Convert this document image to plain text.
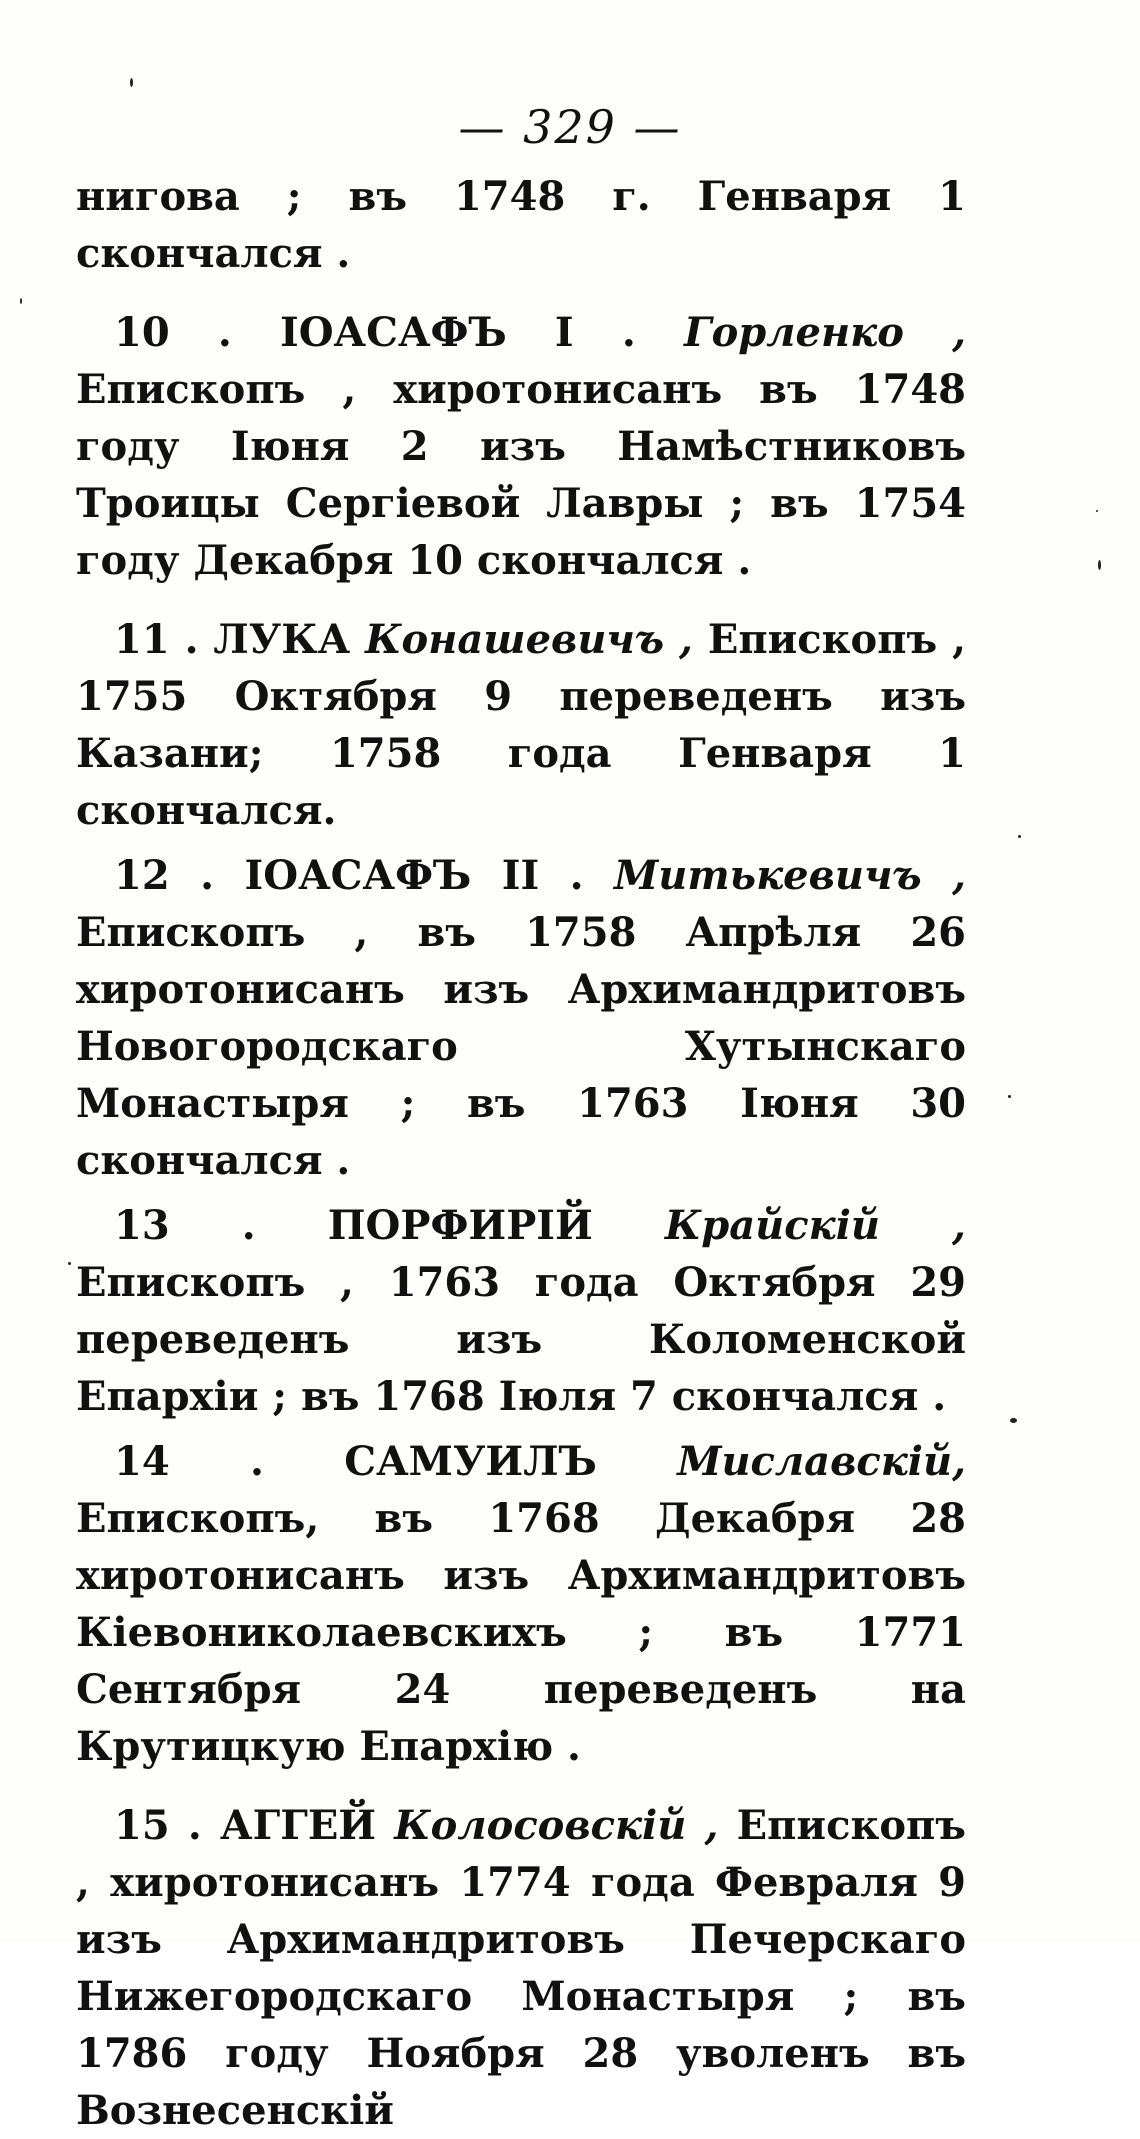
— 329 —

нигова ; въ 1748 г. Генваря 1 скончался .

10 . ІОАСАФЪ I . Горленко , Епископъ , хиротонисанъ въ 1748 году Іюня 2 изъ Намѣстниковъ Троицы Сергіевой Лавры ; въ 1754 году Декабря 10 скончался .

11 . ЛУКА Конашевичъ , Епископъ , 1755 Октября 9 переведенъ изъ Казани; 1758 года Генваря 1 скончался.

12 . ІОАСАФЪ II . Митькевичъ , Епископъ , въ 1758 Апрѣля 26 хиротонисанъ изъ Архимандритовъ Новогородскаго Хутынскаго Монастыря ; въ 1763 Іюня 30 скончался .

13 . ПОРФИРІЙ Крайскій , Епископъ , 1763 года Октября 29 переведенъ изъ Коломенской Епархіи ; въ 1768 Іюля 7 скончался .

14 . САМУИЛЪ Миславскій, Епископъ, въ 1768 Декабря 28 хиротонисанъ изъ Архимандритовъ Кіевониколаевскихъ ; въ 1771 Сентября 24 переведенъ на Крутицкую Епархію .

15 . АГГЕЙ Колосовскій , Епископъ , хиротонисанъ 1774 года Февраля 9 изъ Архимандритовъ Печерскаго Нижегородскаго Монастыря ; въ 1786 году Ноября 28 уволенъ въ Вознесенскій
